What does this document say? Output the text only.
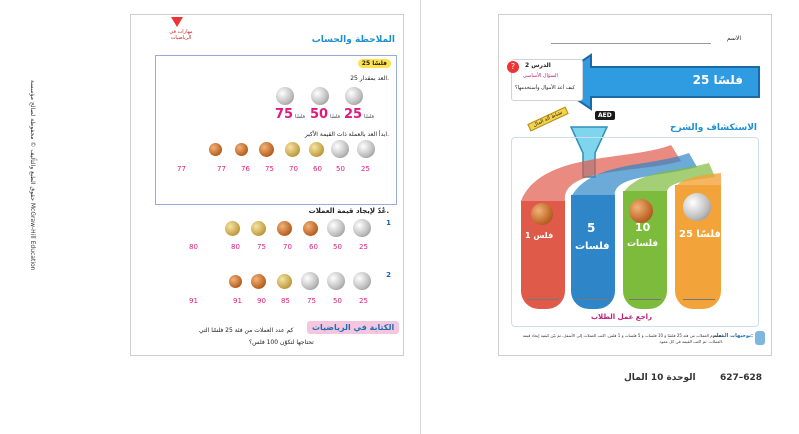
حقوق الطبع والتأليف © محفوظة لصالح مؤسسة McGraw-Hill Education
مهارات في الرياضيات	الملاحظة والحساب
25 فلسًا
العد بمقدار 25.
75 50 25
فلسًا	فلسًا	فلسًا
ابدأ العد بالعملة ذات القيمة الأكبر.
25
50
60
70
75
76
77
77
عُدّ لإيجاد قيمة العملات.
1
25
50
60
70
75
80
80
2
25
50
75
85
90
91
91
الكتابة في الرياضيات
كم عدد العملات من فئة 25 فلسًا التي
تحتاجها لتكوّن 100 فلس؟
الاسم
25 فلسًا
الدرس 2
السؤال الأساسي
كيف أعد الأموال وأستخدمها؟
?
AED
نشاط آلة المال	الاستكشاف والشرح
1 فلس
5
فلسات
10
فلسات
25 فلسًا
راجع عمل الطلاب
توجيهات المعلم:
استخدم العملات من فئة 25 فلسًا و 10 فلسات و 5 فلسات و 1 فلس. اكتب العملات إلى الأسفل، ثم بيّن كيفية إيجاد قيمة العملات. ثم اكتب القيمة في كل عمود.
الوحدة 10 المال	627–628
